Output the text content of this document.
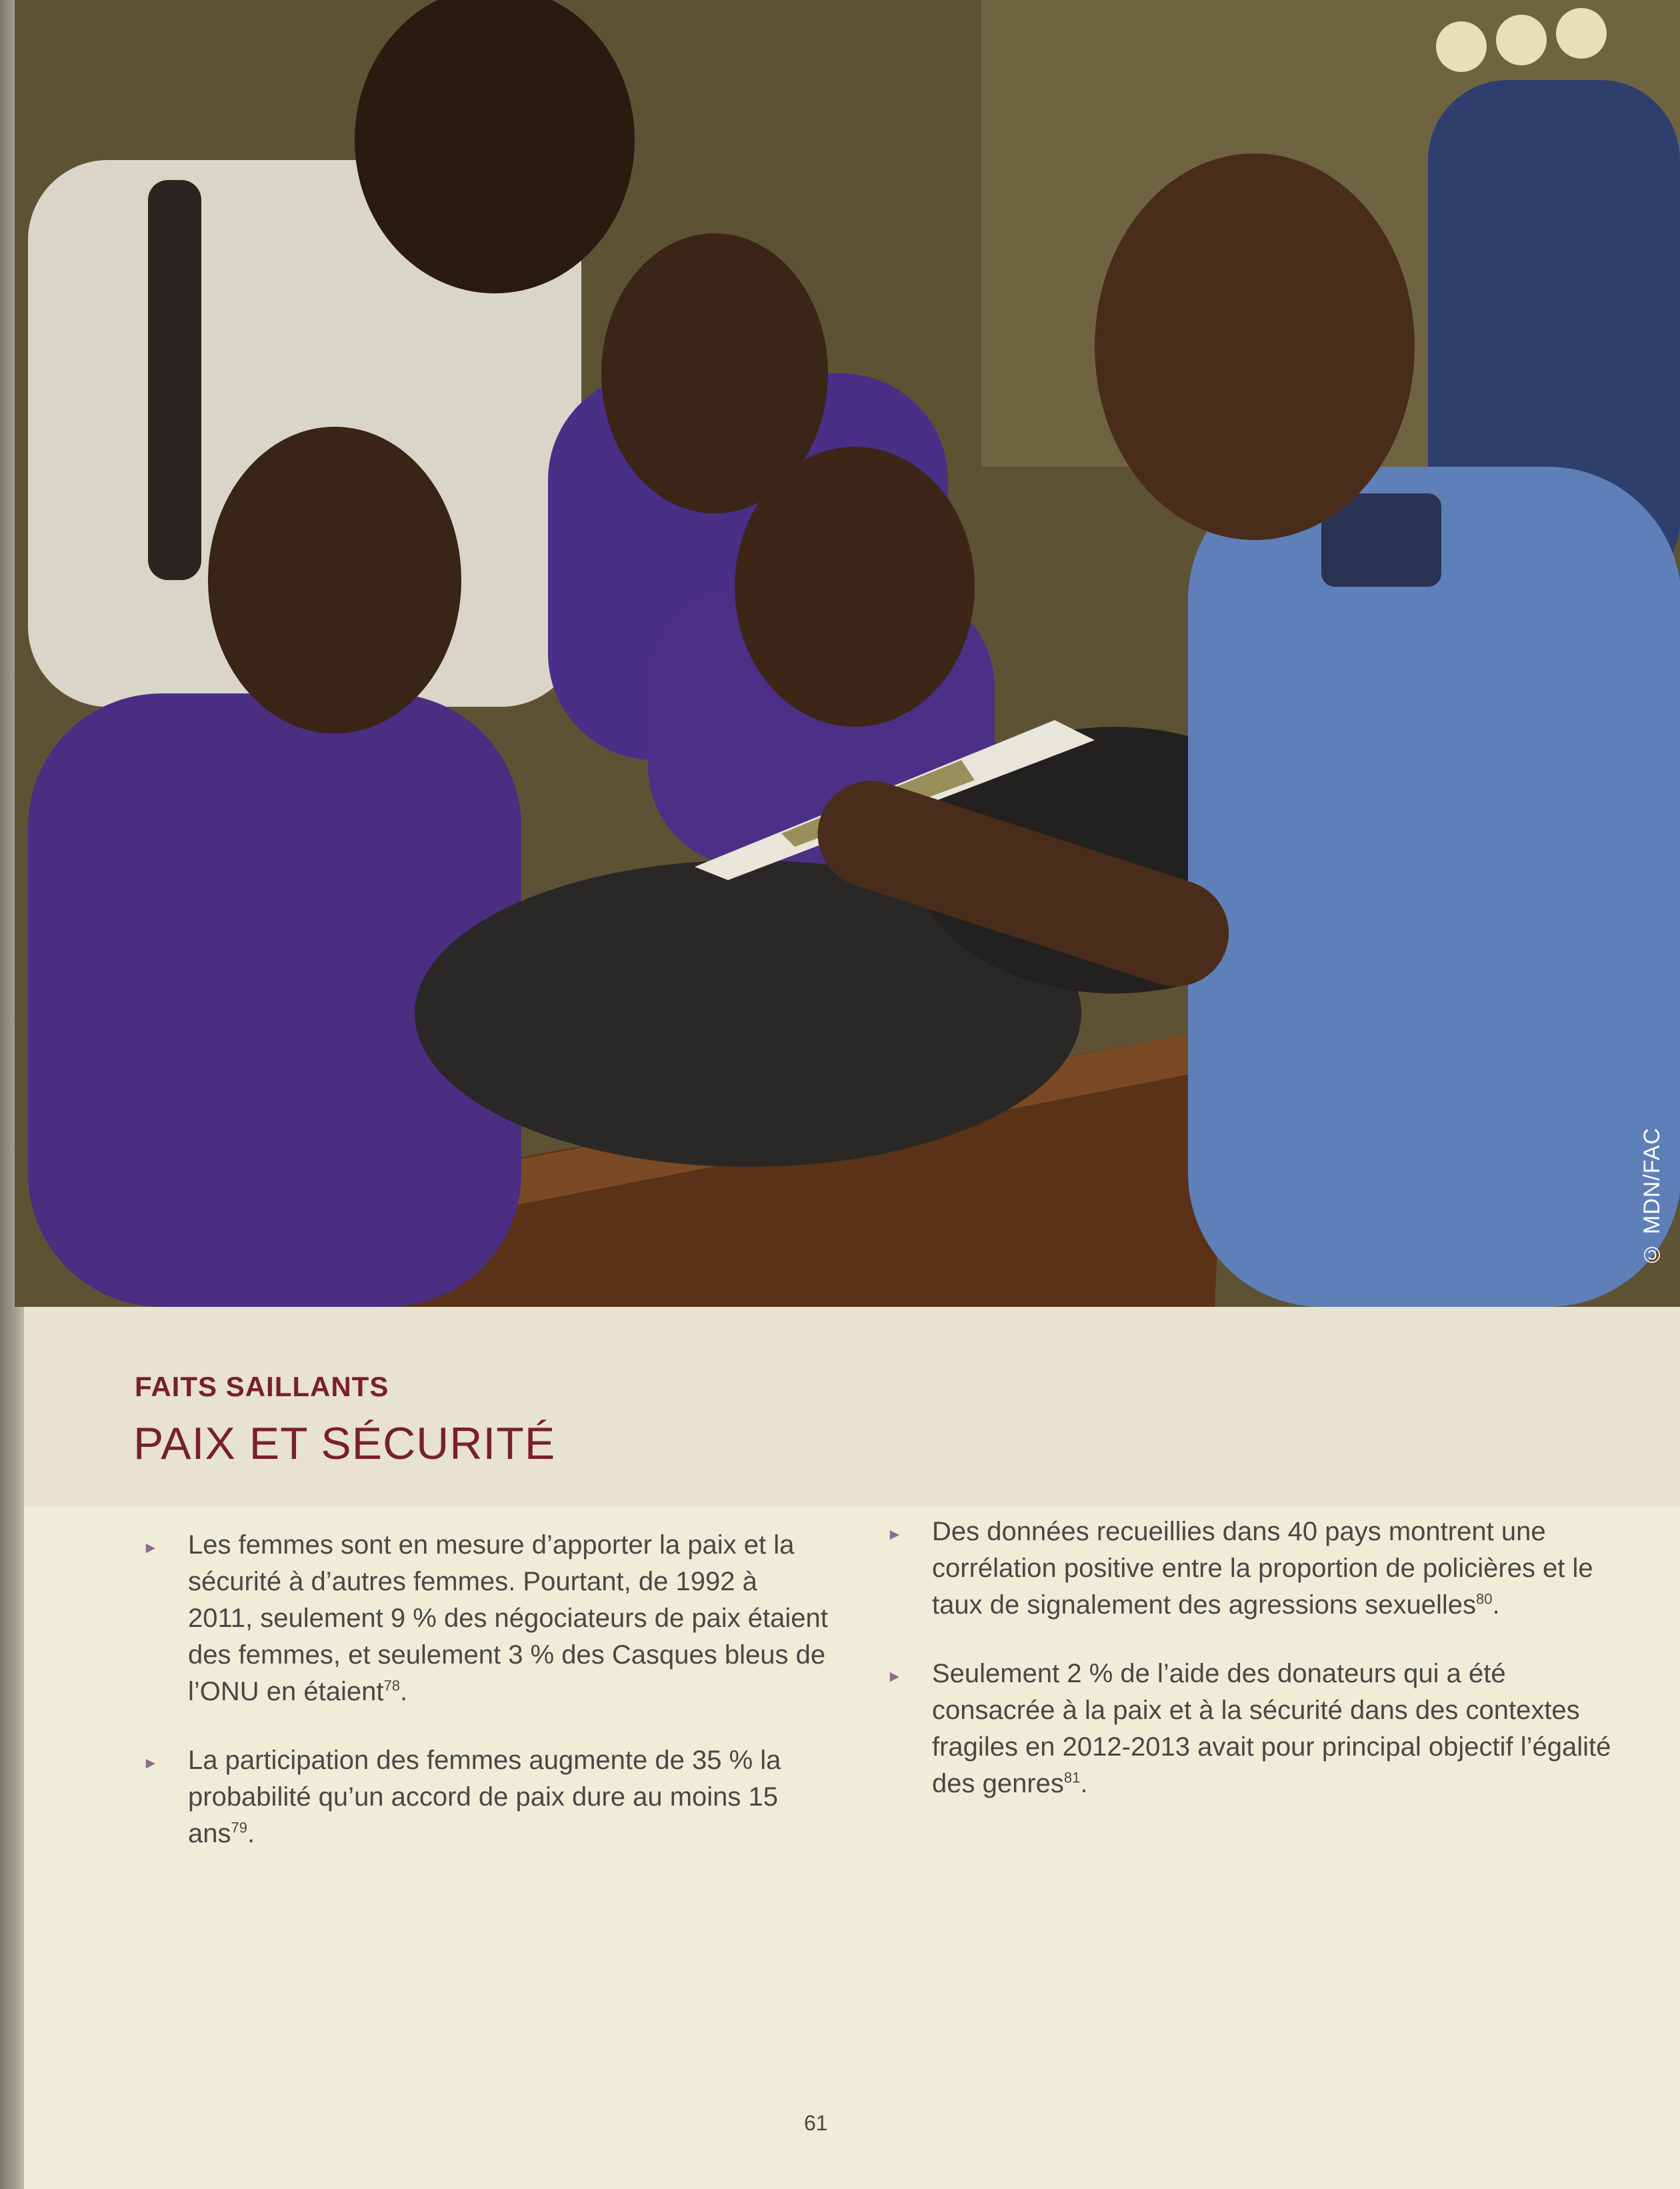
© MDN/FAC
FAITS SAILLANTS
PAIX ET SÉCURITÉ
► Les femmes sont en mesure d’apporter la paix et la sécurité à d’autres femmes. Pourtant, de 1992 à 2011, seulement 9 % des négociateurs de paix étaient des femmes, et seulement 3 % des Casques bleus de l’ONU en étaient$^{78}$.
► La participation des femmes augmente de 35 % la probabilité qu’un accord de paix dure au moins 15 ans$^{79}$.
► Des données recueillies dans 40 pays montrent une corrélation positive entre la proportion de policières et le taux de signalement des agressions sexuelles$^{80}$.
► Seulement 2 % de l’aide des donateurs qui a été consacrée à la paix et à la sécurité dans des contextes fragiles en 2012-2013 avait pour principal objectif l’égalité des genres$^{81}$.
61
